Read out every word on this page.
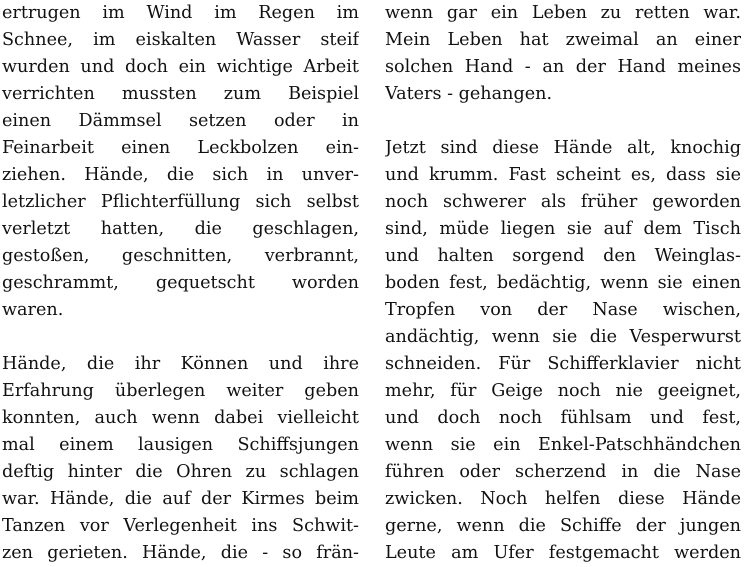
ertrugen im Wind im Regen im
Schnee, im eiskalten Wasser steif
wurden und doch ein wichtige Arbeit
verrichten mussten zum Beispiel
einen Dämmsel setzen oder in
Feinarbeit einen Leckbolzen ein-
ziehen. Hände, die sich in unver-
letzlicher Pflichterfüllung sich selbst
verletzt hatten, die geschlagen,
gestoßen, geschnitten, verbrannt,
geschrammt, gequetscht worden
waren.
Hände, die ihr Können und ihre
Erfahrung überlegen weiter geben
konnten, auch wenn dabei vielleicht
mal einem lausigen Schiffsjungen
deftig hinter die Ohren zu schlagen
war. Hände, die auf der Kirmes beim
Tanzen vor Verlegenheit ins Schwit-
zen gerieten. Hände, die - so frän-
wenn gar ein Leben zu retten war.
Mein Leben hat zweimal an einer
solchen Hand - an der Hand meines
Vaters - gehangen.
Jetzt sind diese Hände alt, knochig
und krumm. Fast scheint es, dass sie
noch schwerer als früher geworden
sind, müde liegen sie auf dem Tisch
und halten sorgend den Weinglas-
boden fest, bedächtig, wenn sie einen
Tropfen von der Nase wischen,
andächtig, wenn sie die Vesperwurst
schneiden. Für Schifferklavier nicht
mehr, für Geige noch nie geeignet,
und doch noch fühlsam und fest,
wenn sie ein Enkel-Patschhändchen
führen oder scherzend in die Nase
zwicken. Noch helfen diese Hände
gerne, wenn die Schiffe der jungen
Leute am Ufer festgemacht werden
